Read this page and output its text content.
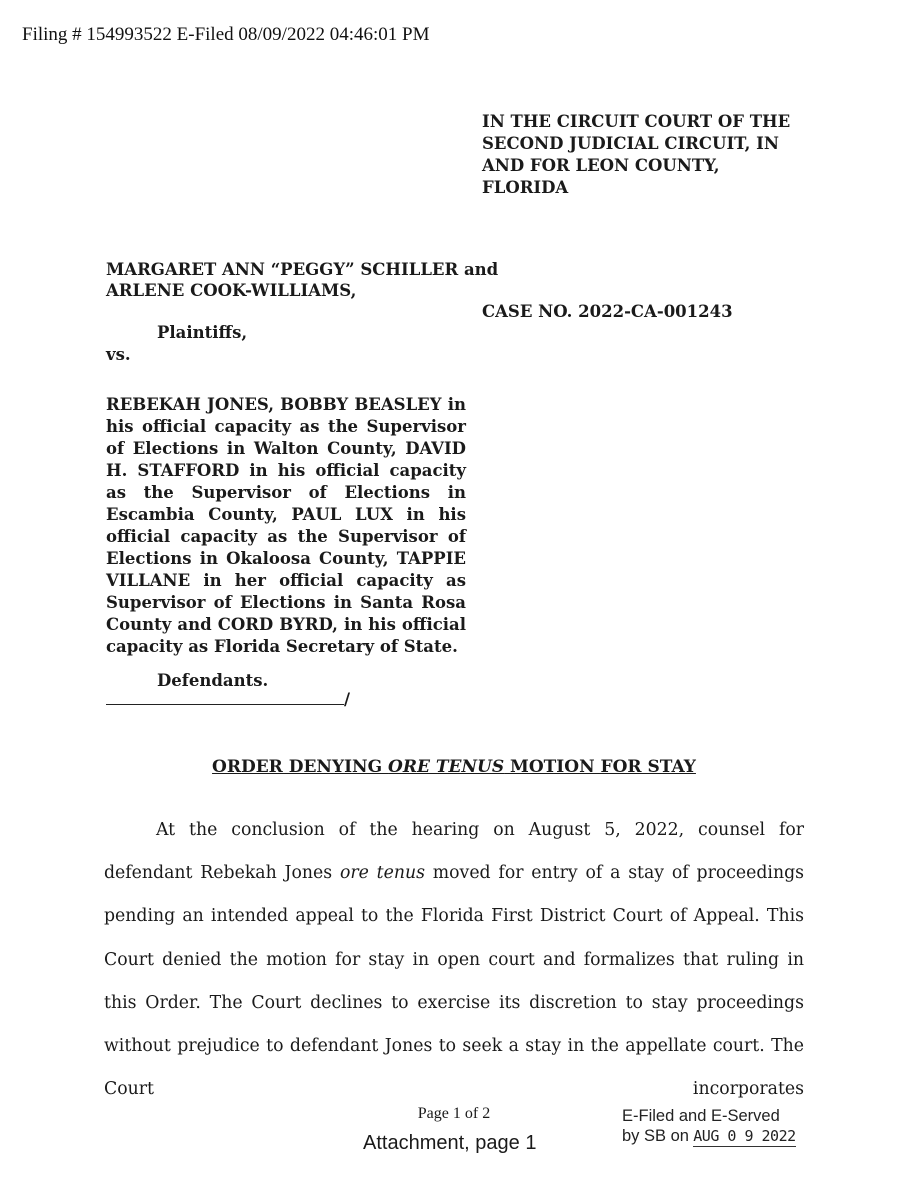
Filing # 154993522 E-Filed 08/09/2022 04:46:01 PM
IN THE CIRCUIT COURT OF THE
SECOND JUDICIAL CIRCUIT, IN
AND FOR LEON COUNTY,
FLORIDA
MARGARET ANN “PEGGY” SCHILLER and
ARLENE COOK-WILLIAMS,
CASE NO. 2022-CA-001243
Plaintiffs,
vs.
REBEKAH JONES, BOBBY BEASLEY in his official capacity as the Supervisor of Elections in Walton County, DAVID H. STAFFORD in his official capacity as the Supervisor of Elections in Escambia County, PAUL LUX in his official capacity as the Supervisor of Elections in Okaloosa County, TAPPIE VILLANE in her official capacity as Supervisor of Elections in Santa Rosa County and CORD BYRD, in his official capacity as Florida Secretary of State.
Defendants.
/
ORDER DENYING ORE TENUS MOTION FOR STAY
At the conclusion of the hearing on August 5, 2022, counsel for defendant Rebekah Jones ore tenus moved for entry of a stay of proceedings pending an intended appeal to the Florida First District Court of Appeal. This Court denied the motion for stay in open court and formalizes that ruling in this Order. The Court declines to exercise its discretion to stay proceedings without prejudice to defendant Jones to seek a stay in the appellate court. The Court incorporates
Page 1 of 2
Attachment, page 1
E-Filed and E-Served
by SB on AUG 0 9 2022
